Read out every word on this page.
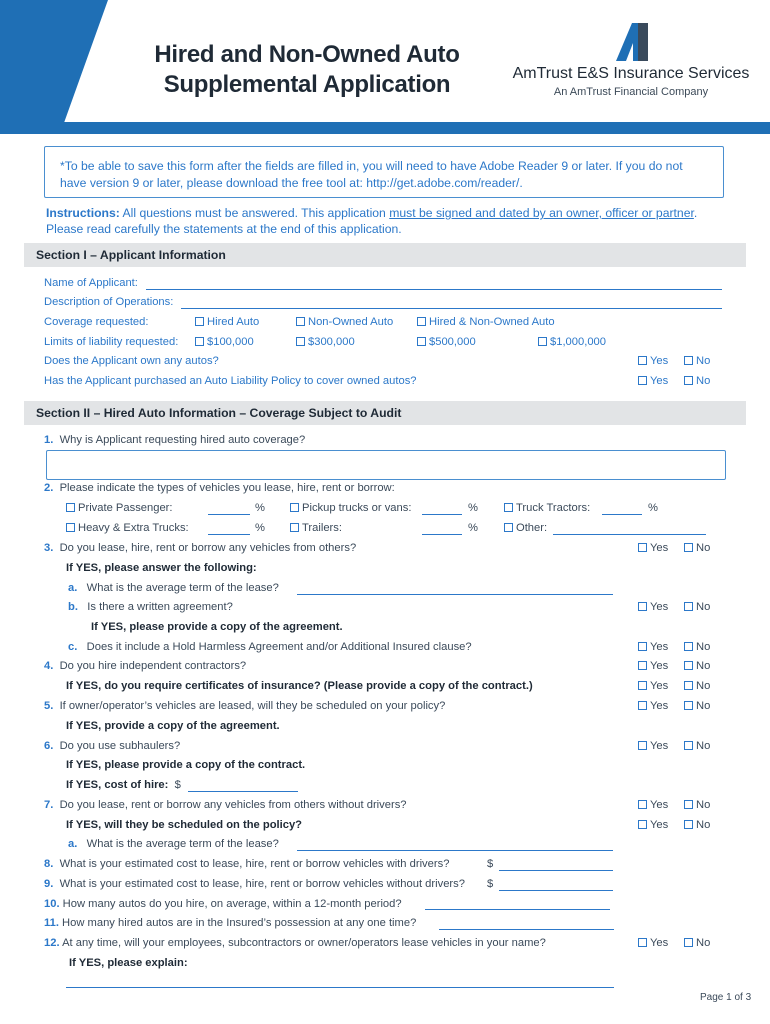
Hired and Non-Owned Auto
Supplemental Application	AmTrust E&S Insurance Services
An AmTrust Financial Company
*To be able to save this form after the fields are filled in, you will need to have Adobe Reader 9 or later. If you do not have version 9 or later, please download the free tool at: http://get.adobe.com/reader/.
Instructions: All questions must be answered. This application must be signed and dated by an owner, officer or partner. Please read carefully the statements at the end of this application.
Section I – Applicant Information
Name of Applicant:
Description of Operations:
Coverage requested:	Hired Auto	Non-Owned Auto	Hired & Non-Owned Auto
Limits of liability requested:	$100,000	$300,000	$500,000	$1,000,000
Does the Applicant own any autos?	Yes	No
Has the Applicant purchased an Auto Liability Policy to cover owned autos?	Yes	No
Section II – Hired Auto Information – Coverage Subject to Audit
1. Why is Applicant requesting hired auto coverage?
2. Please indicate the types of vehicles you lease, hire, rent or borrow:
Private Passenger:	%	Pickup trucks or vans:	%	Truck Tractors:	%
Heavy & Extra Trucks:	%	Trailers:	%	Other:
3. Do you lease, hire, rent or borrow any vehicles from others?	Yes	No
If YES, please answer the following:
a. What is the average term of the lease?
b. Is there a written agreement?	Yes	No
If YES, please provide a copy of the agreement.
c. Does it include a Hold Harmless Agreement and/or Additional Insured clause?	Yes	No
4. Do you hire independent contractors?	Yes	No
If YES, do you require certificates of insurance? (Please provide a copy of the contract.)	Yes	No
5. If owner/operator’s vehicles are leased, will they be scheduled on your policy?	Yes	No
If YES, provide a copy of the agreement.
6. Do you use subhaulers?	Yes	No
If YES, please provide a copy of the contract.
If YES, cost of hire: $
7. Do you lease, rent or borrow any vehicles from others without drivers?	Yes	No
If YES, will they be scheduled on the policy?	Yes	No
a. What is the average term of the lease?
8. What is your estimated cost to lease, hire, rent or borrow vehicles with drivers?	$
9. What is your estimated cost to lease, hire, rent or borrow vehicles without drivers? $
10. How many autos do you hire, on average, within a 12-month period?
11. How many hired autos are in the Insured’s possession at any one time?
12. At any time, will your employees, subcontractors or owner/operators lease vehicles in your name?	Yes	No
If YES, please explain:
Page 1 of 3
